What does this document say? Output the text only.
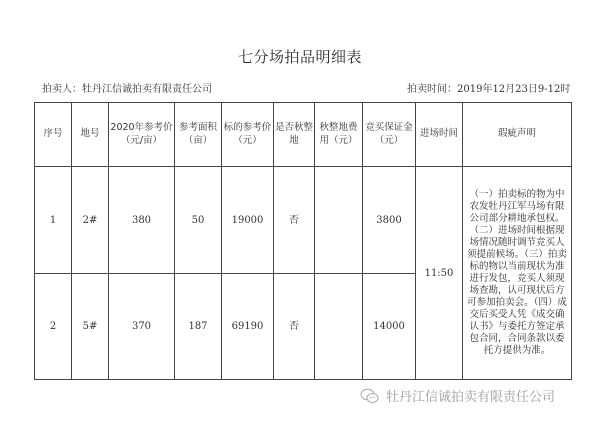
七分场拍品明细表
拍卖人：牡丹江信诚拍卖有限责任公司	拍卖时间：2019年12月23日9-12时
序号	地号	2020年参考价（元/亩）	参考面积（亩）	标的参考价（元）	是否秋整地	秋整地费用（元）	竞买保证金（元）	进场时间	瑕疵声明
1	2#	380	50	19000	否		3800	11:50	（一）拍卖标的物为中农发牡丹江军马场有限公司部分耕地承包权。（二）进场时间根据现场情况随时调节竞买人须提前候场。（三）拍卖标的物以当前现状为准进行发包，竞买人须现场查勘，认可现状后方可参加拍卖会。（四）成交后买受人凭《成交确认书》与委托方签定承包合同，合同条款以委托方提供为准。
2	5#	370	187	69190	否		14000		
牡丹江信诚拍卖有限责任公司
